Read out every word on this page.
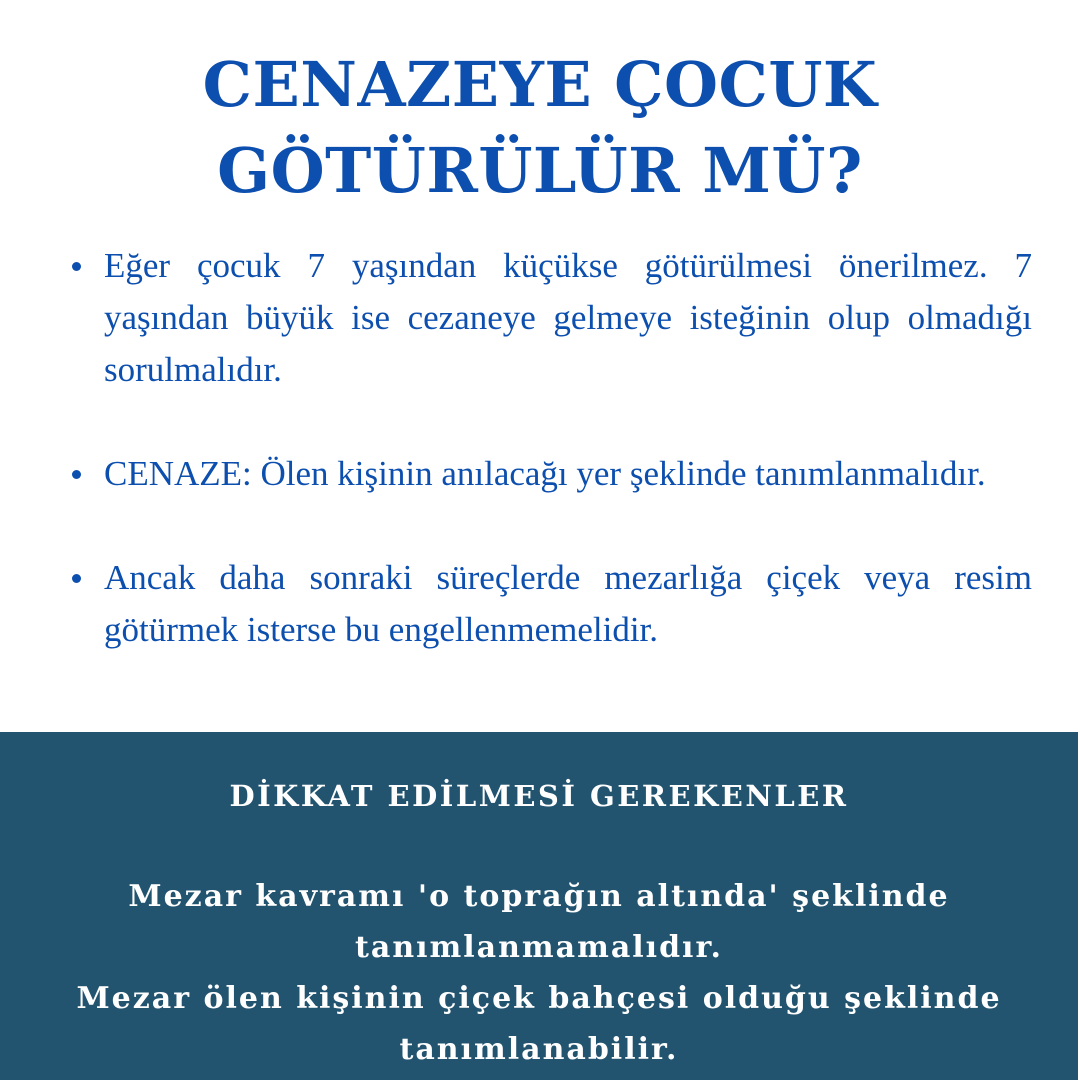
CENAZEYE ÇOCUK
GÖTÜRÜLÜR MÜ?
Eğer çocuk 7 yaşından küçükse götürülmesi önerilmez. 7 yaşından büyük ise cezaneye gelmeye isteğinin olup olmadığı sorulmalıdır.
CENAZE: Ölen kişinin anılacağı yer şeklinde tanımlanmalıdır.
Ancak daha sonraki süreçlerde mezarlığa çiçek veya resim götürmek isterse bu engellenmemelidir.
DİKKAT EDİLMESİ GEREKENLER

Mezar kavramı 'o toprağın altında' şeklinde tanımlanmamalıdır.

Mezar ölen kişinin çiçek bahçesi olduğu şeklinde tanımlanabilir.
